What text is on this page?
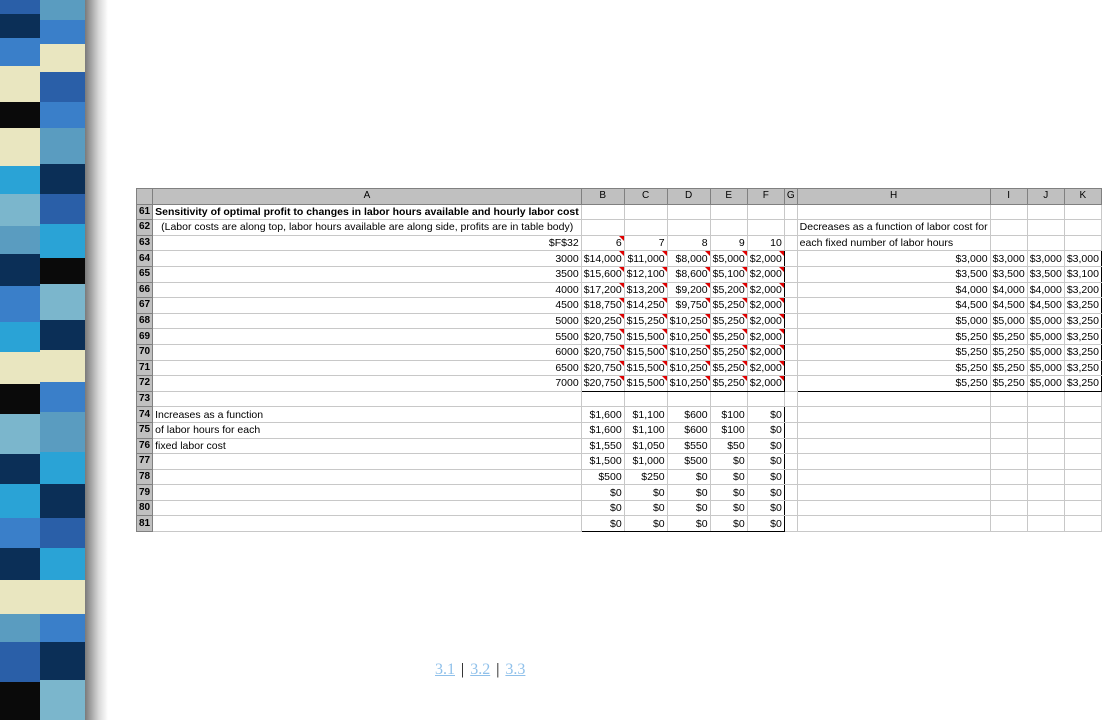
	A	B	C	D	E	F	G	H	I	J	K
61	Sensitivity of optimal profit to changes in labor hours available and hourly labor cost										
62	(Labor costs are along top, labor hours available are along side, profits are in table body)							Decreases as a function of labor cost for			
63	$F$32	6	7	8	9	10		each fixed number of labor hours			
64	3000	$14,000	$11,000	$8,000	$5,000	$2,000		$3,000	$3,000	$3,000	$3,000
65	3500	$15,600	$12,100	$8,600	$5,100	$2,000		$3,500	$3,500	$3,500	$3,100
66	4000	$17,200	$13,200	$9,200	$5,200	$2,000		$4,000	$4,000	$4,000	$3,200
67	4500	$18,750	$14,250	$9,750	$5,250	$2,000		$4,500	$4,500	$4,500	$3,250
68	5000	$20,250	$15,250	$10,250	$5,250	$2,000		$5,000	$5,000	$5,000	$3,250
69	5500	$20,750	$15,500	$10,250	$5,250	$2,000		$5,250	$5,250	$5,000	$3,250
70	6000	$20,750	$15,500	$10,250	$5,250	$2,000		$5,250	$5,250	$5,000	$3,250
71	6500	$20,750	$15,500	$10,250	$5,250	$2,000		$5,250	$5,250	$5,000	$3,250
72	7000	$20,750	$15,500	$10,250	$5,250	$2,000		$5,250	$5,250	$5,000	$3,250
73											
74	Increases as a function	$1,600	$1,100	$600	$100	$0					
75	of labor hours for each	$1,600	$1,100	$600	$100	$0					
76	fixed labor cost	$1,550	$1,050	$550	$50	$0					
77		$1,500	$1,000	$500	$0	$0					
78		$500	$250	$0	$0	$0					
79		$0	$0	$0	$0	$0					
80		$0	$0	$0	$0	$0					
81		$0	$0	$0	$0	$0					
3.1 | 3.2 | 3.3
